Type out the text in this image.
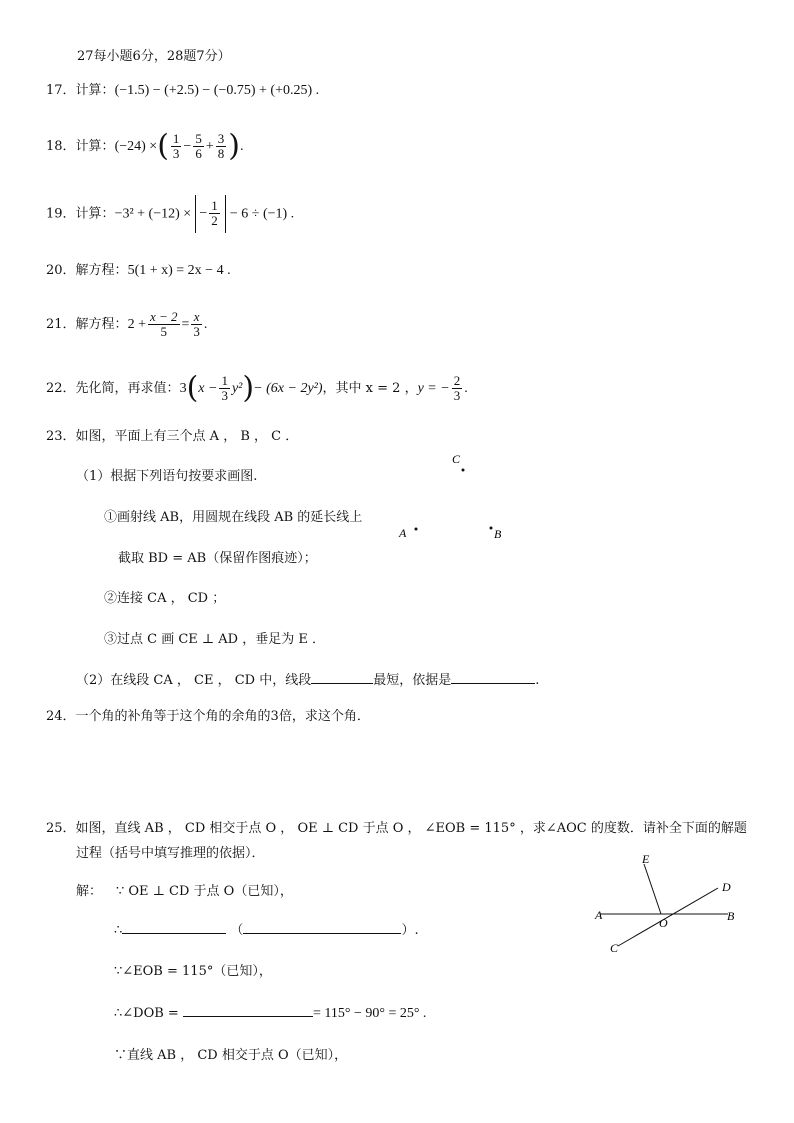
27每小题6分，28题7分）
17．计算：(−1.5) − (+2.5) − (−0.75) + (+0.25) .
18．计算：(−24) ×( $\frac{1}{3} - \frac{5}{6} + \frac{3}{8}$ ).
19．计算：−3² + (−12) × − $\frac{1}{2} - 6 \div (-1)$ .
20．解方程：5(1 + x) = 2x − 4 .
21．解方程：$2 + \frac{x - 2}{5} = \frac{x}{3}$ .
22．先化简，再求值：$3(x - \frac{1}{3} y^2)- (6x - 2y^2)$，其中 x = 2 ，y = − $\frac{2}{3}$ .
23．如图，平面上有三个点 A ， B ， C ．
（1）根据下列语句按要求画图.
①画射线 AB，用圆规在线段 AB 的延长线上
截取 BD = AB（保留作图痕迹）；
②连接 CA ， CD ；
③过点 C 画 CE ⊥ AD ，垂足为 E ．
（2）在线段 CA ， CE ， CD 中，线段	最短，依据是	.
C
A	B
24．一个角的补角等于这个角的余角的3倍，求这个角．
25．如图，直线 AB ， CD 相交于点 O ， OE ⊥ CD 于点 O ， ∠EOB = 115° ，求∠AOC 的度数．请补全下面的解题
过程（括号中填写推理的依据）．
解： ∵ OE ⊥ CD 于点 O（已知），
∴	（	）.
∵∠EOB = 115°（已知），
∴∠DOB =	= 115° − 90° = 25° .
∵直线 AB ， CD 相交于点 O（已知），
E
D
A
O	B
C
